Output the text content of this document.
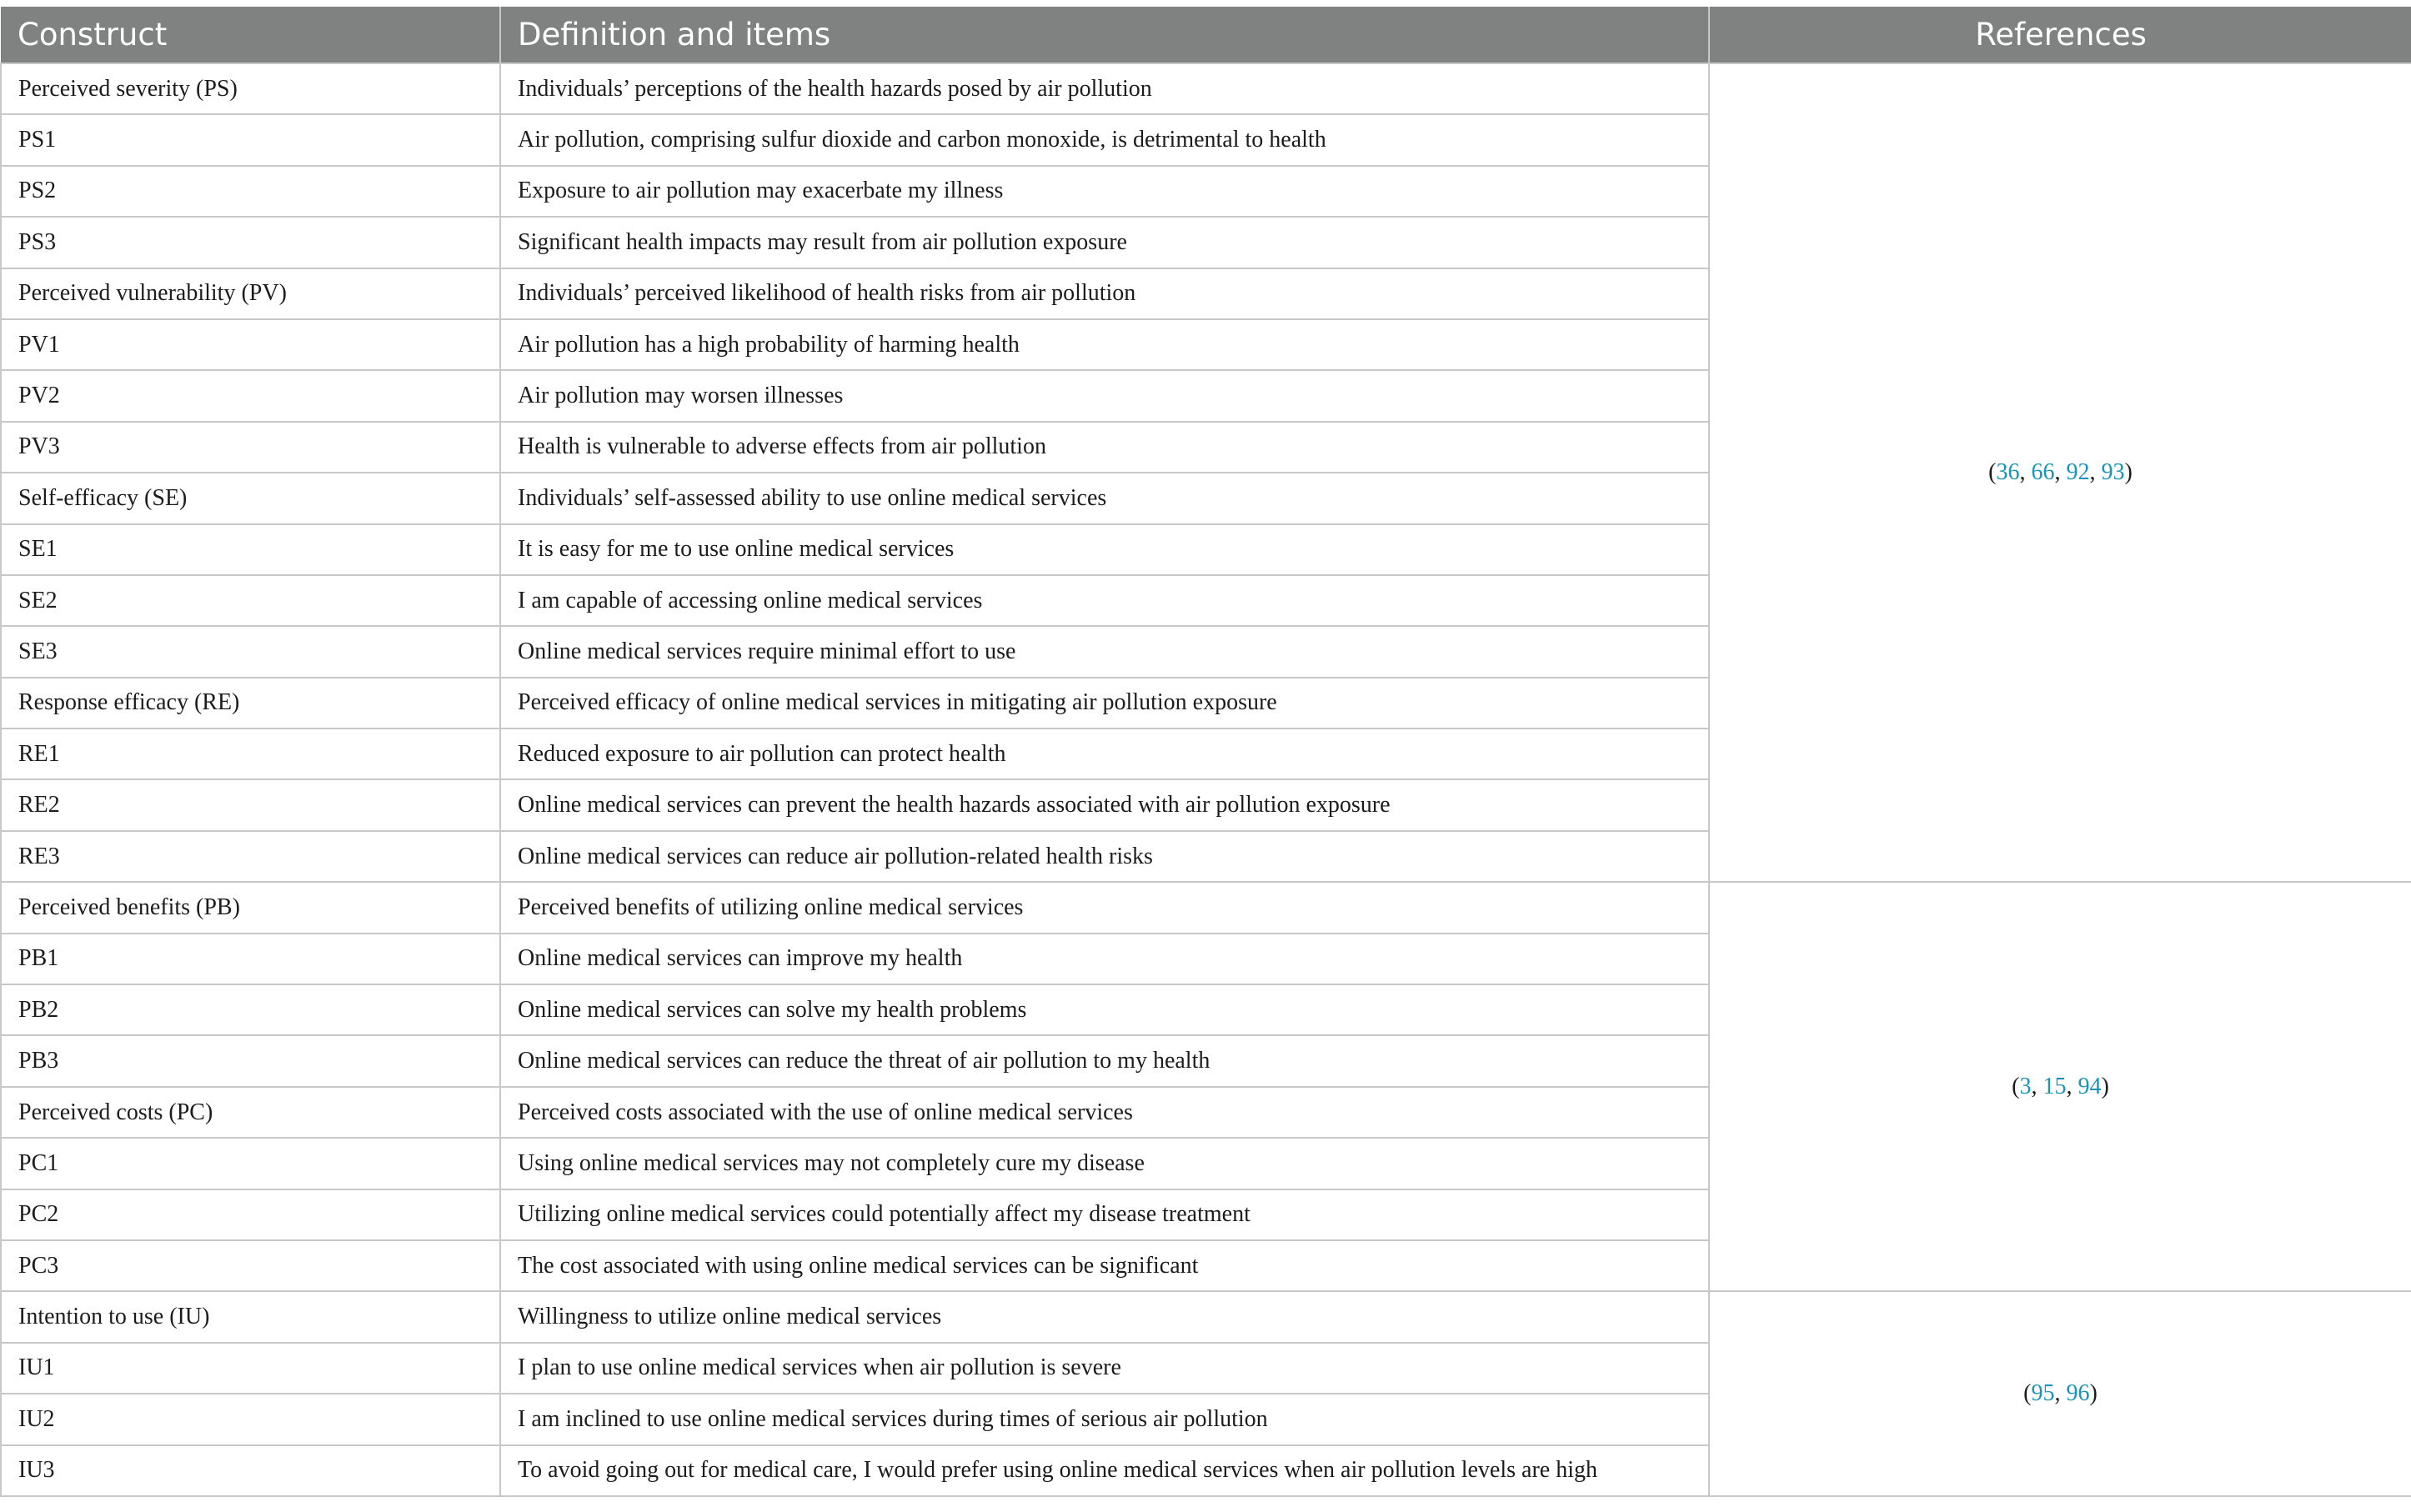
Construct	Definition and items	References
Perceived severity (PS)	Individuals’ perceptions of the health hazards posed by air pollution	(36, 66, 92, 93)
PS1	Air pollution, comprising sulfur dioxide and carbon monoxide, is detrimental to health	
PS2	Exposure to air pollution may exacerbate my illness	
PS3	Significant health impacts may result from air pollution exposure	
Perceived vulnerability (PV)	Individuals’ perceived likelihood of health risks from air pollution	
PV1	Air pollution has a high probability of harming health	
PV2	Air pollution may worsen illnesses	
PV3	Health is vulnerable to adverse effects from air pollution	
Self-efficacy (SE)	Individuals’ self-assessed ability to use online medical services	
SE1	It is easy for me to use online medical services	
SE2	I am capable of accessing online medical services	
SE3	Online medical services require minimal effort to use	
Response efficacy (RE)	Perceived efficacy of online medical services in mitigating air pollution exposure	
RE1	Reduced exposure to air pollution can protect health	
RE2	Online medical services can prevent the health hazards associated with air pollution exposure	
RE3	Online medical services can reduce air pollution-related health risks	
Perceived benefits (PB)	Perceived benefits of utilizing online medical services	(3, 15, 94)
PB1	Online medical services can improve my health	
PB2	Online medical services can solve my health problems	
PB3	Online medical services can reduce the threat of air pollution to my health	
Perceived costs (PC)	Perceived costs associated with the use of online medical services	
PC1	Using online medical services may not completely cure my disease	
PC2	Utilizing online medical services could potentially affect my disease treatment	
PC3	The cost associated with using online medical services can be significant	
Intention to use (IU)	Willingness to utilize online medical services	(95, 96)
IU1	I plan to use online medical services when air pollution is severe	
IU2	I am inclined to use online medical services during times of serious air pollution	
IU3	To avoid going out for medical care, I would prefer using online medical services when air pollution levels are high	
